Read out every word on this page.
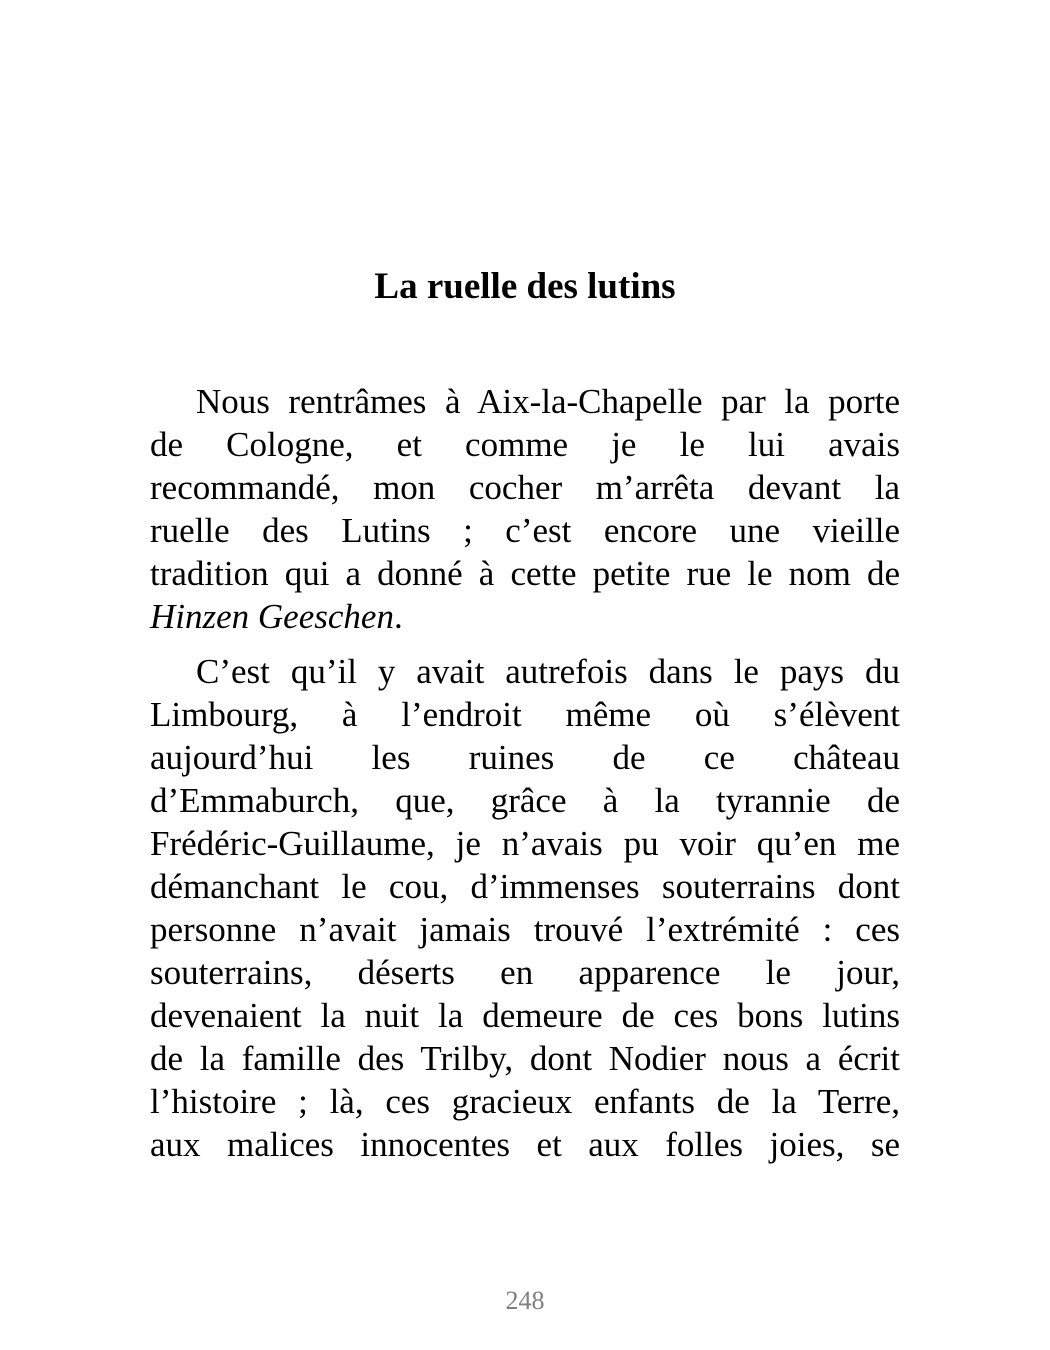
La ruelle des lutins
Nous rentrâmes à Aix-la-Chapelle par la porte
de Cologne, et comme je le lui avais
recommandé, mon cocher m’arrêta devant la
ruelle des Lutins ; c’est encore une vieille
tradition qui a donné à cette petite rue le nom de
Hinzen Geeschen.
C’est qu’il y avait autrefois dans le pays du
Limbourg, à l’endroit même où s’élèvent
aujourd’hui les ruines de ce château
d’Emmaburch, que, grâce à la tyrannie de
Frédéric-Guillaume, je n’avais pu voir qu’en me
démanchant le cou, d’immenses souterrains dont
personne n’avait jamais trouvé l’extrémité : ces
souterrains, déserts en apparence le jour,
devenaient la nuit la demeure de ces bons lutins
de la famille des Trilby, dont Nodier nous a écrit
l’histoire ; là, ces gracieux enfants de la Terre,
aux malices innocentes et aux folles joies, se
248
